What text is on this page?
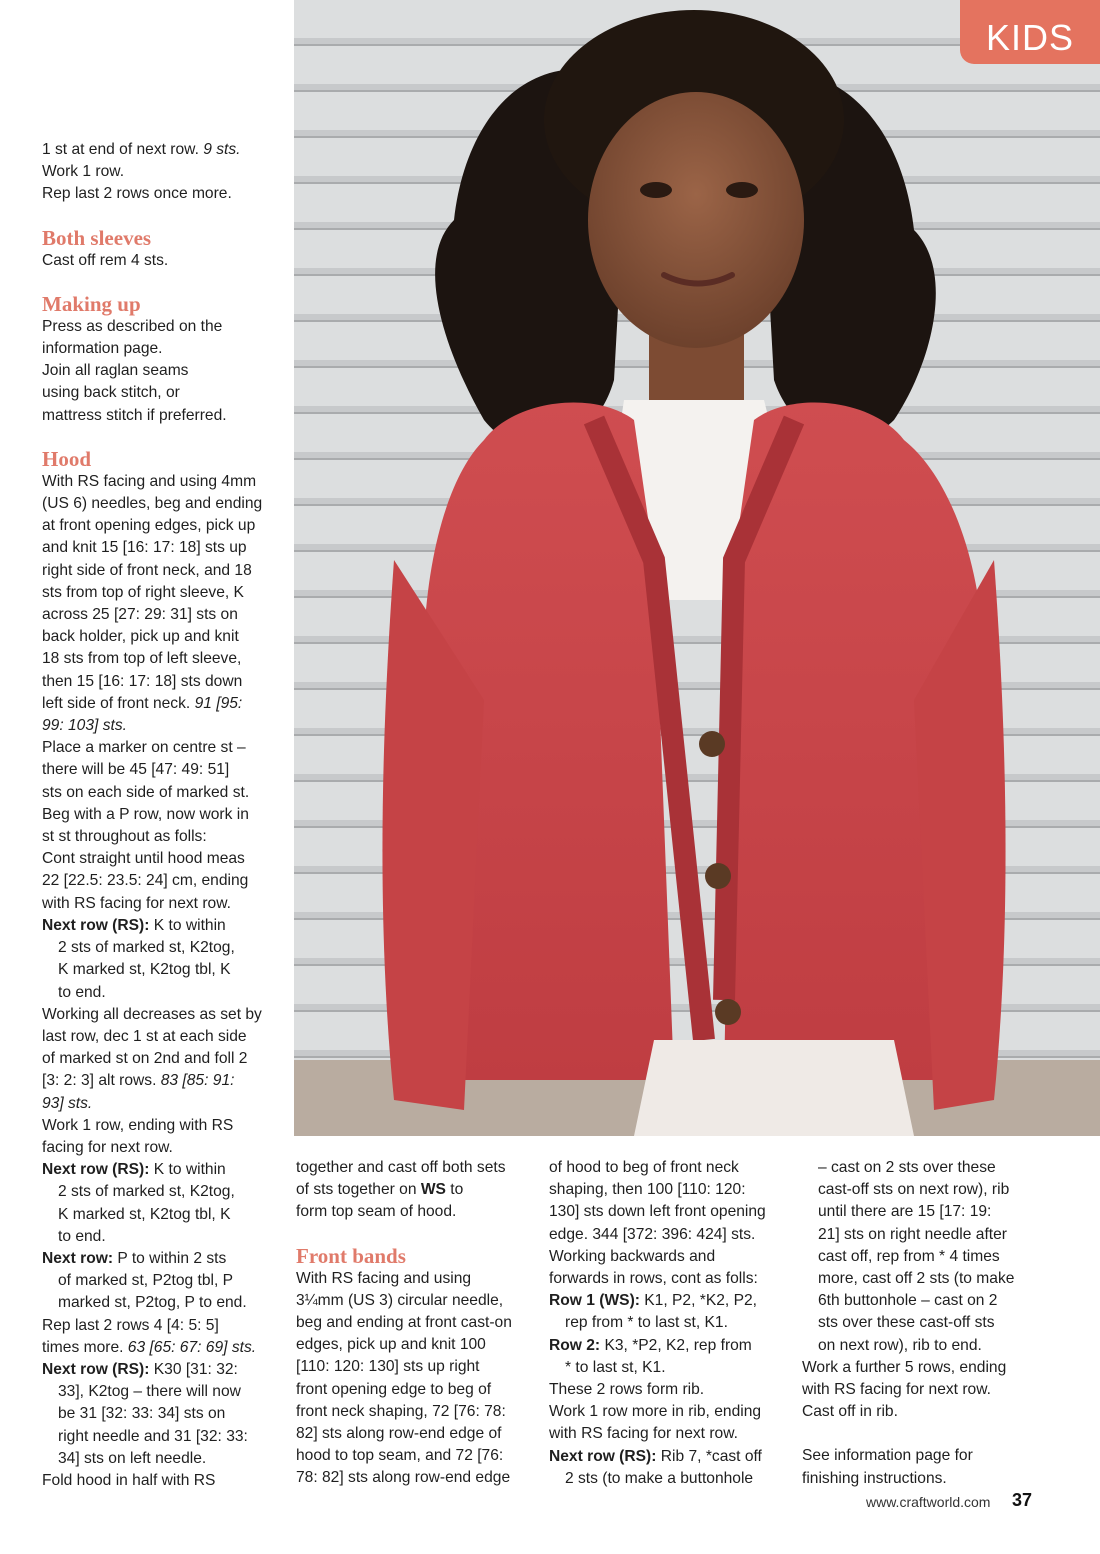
KIDS

1 st at end of next row. 9 sts.

Work 1 row.

Rep last 2 rows once more.

Both sleeves

Cast off rem 4 sts.

Making up

Press as described on the

information page.

Join all raglan seams

using back stitch, or

mattress stitch if preferred.

Hood

With RS facing and using 4mm

(US 6) needles, beg and ending

at front opening edges, pick up

and knit 15 [16: 17: 18] sts up

right side of front neck, and 18

sts from top of right sleeve, K

across 25 [27: 29: 31] sts on

back holder, pick up and knit

18 sts from top of left sleeve,

then 15 [16: 17: 18] sts down

left side of front neck. 91 [95:

99: 103] sts.

Place a marker on centre st –

there will be 45 [47: 49: 51]

sts on each side of marked st.

Beg with a P row, now work in

st st throughout as folls:

Cont straight until hood meas

22 [22.5: 23.5: 24] cm, ending

with RS facing for next row.

Next row (RS): K to within

2 sts of marked st, K2tog,

K marked st, K2tog tbl, K

to end.

Working all decreases as set by

last row, dec 1 st at each side

of marked st on 2nd and foll 2

[3: 2: 3] alt rows. 83 [85: 91:

93] sts.

Work 1 row, ending with RS

facing for next row.

Next row (RS): K to within

2 sts of marked st, K2tog,

K marked st, K2tog tbl, K

to end.

Next row: P to within 2 sts

of marked st, P2tog tbl, P

marked st, P2tog, P to end.

Rep last 2 rows 4 [4: 5: 5]

times more. 63 [65: 67: 69] sts.

Next row (RS): K30 [31: 32:

33], K2tog – there will now

be 31 [32: 33: 34] sts on

right needle and 31 [32: 33:

34] sts on left needle.

Fold hood in half with RS

together and cast off both sets

of sts together on WS to

form top seam of hood.

Front bands

With RS facing and using

3¼mm (US 3) circular needle,

beg and ending at front cast-on

edges, pick up and knit 100

[110: 120: 130] sts up right

front opening edge to beg of

front neck shaping, 72 [76: 78:

82] sts along row-end edge of

hood to top seam, and 72 [76:

78: 82] sts along row-end edge

of hood to beg of front neck

shaping, then 100 [110: 120:

130] sts down left front opening

edge. 344 [372: 396: 424] sts.

Working backwards and

forwards in rows, cont as folls:

Row 1 (WS): K1, P2, *K2, P2,

rep from * to last st, K1.

Row 2: K3, *P2, K2, rep from

* to last st, K1.

These 2 rows form rib.

Work 1 row more in rib, ending

with RS facing for next row.

Next row (RS): Rib 7, *cast off

2 sts (to make a buttonhole

– cast on 2 sts over these

cast-off sts on next row), rib

until there are 15 [17: 19:

21] sts on right needle after

cast off, rep from * 4 times

more, cast off 2 sts (to make

6th buttonhole – cast on 2

sts over these cast-off sts

on next row), rib to end.

Work a further 5 rows, ending

with RS facing for next row.

Cast off in rib.

See information page for

finishing instructions.

www.craftworld.com 37
